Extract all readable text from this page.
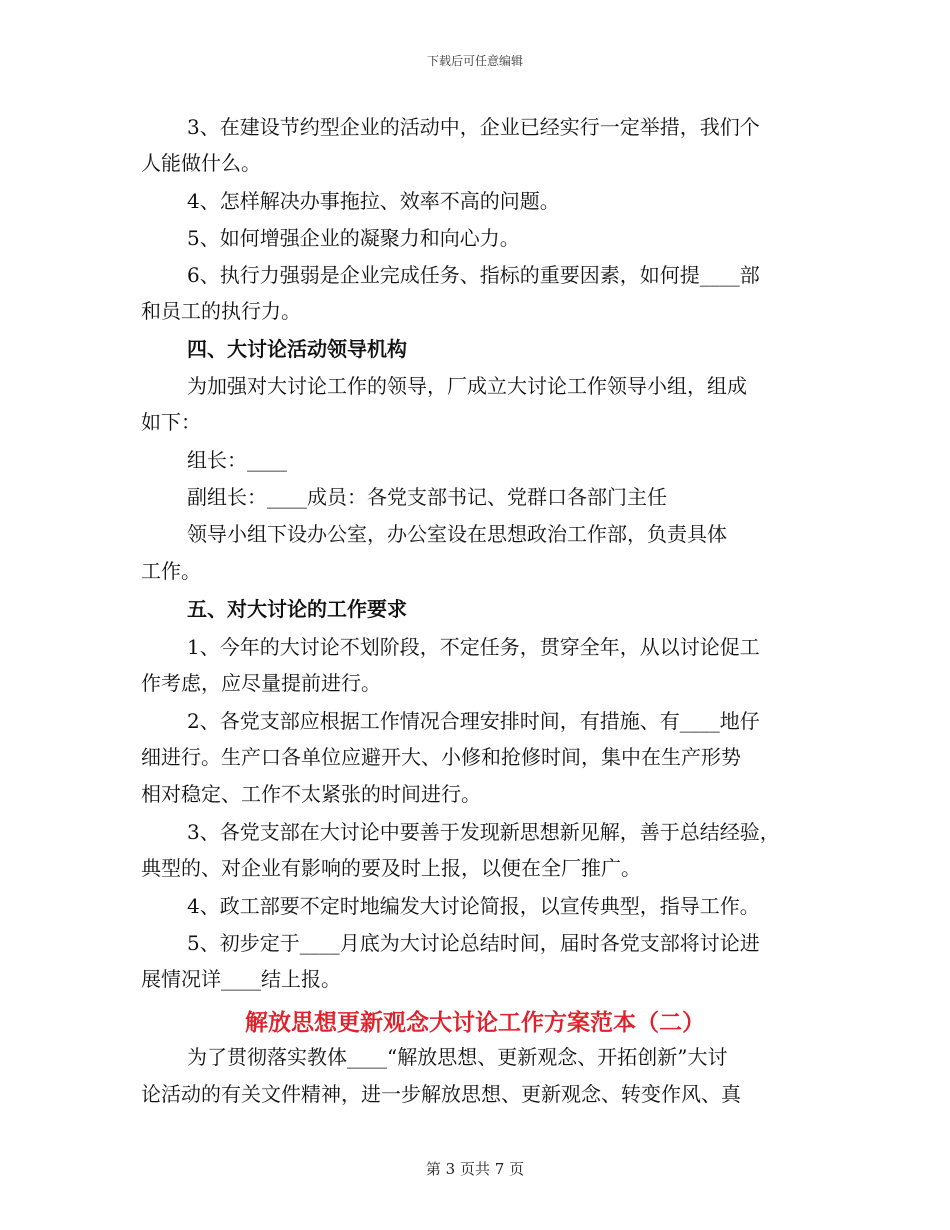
下载后可任意编辑
3、在建设节约型企业的活动中，企业已经实行一定举措，我们个
人能做什么。
4、怎样解决办事拖拉、效率不高的问题。
5、如何增强企业的凝聚力和向心力。
6、执行力强弱是企业完成任务、指标的重要因素，如何提____部
和员工的执行力。
四、大讨论活动领导机构
为加强对大讨论工作的领导，厂成立大讨论工作领导小组，组成
如下：
组长：____
副组长：____成员：各党支部书记、党群口各部门主任
领导小组下设办公室，办公室设在思想政治工作部，负责具体
工作。
五、对大讨论的工作要求
1、今年的大讨论不划阶段，不定任务，贯穿全年，从以讨论促工
作考虑，应尽量提前进行。
2、各党支部应根据工作情况合理安排时间，有措施、有____地仔
细进行。生产口各单位应避开大、小修和抢修时间，集中在生产形势
相对稳定、工作不太紧张的时间进行。
3、各党支部在大讨论中要善于发现新思想新见解，善于总结经验，
典型的、对企业有影响的要及时上报，以便在全厂推广。
4、政工部要不定时地编发大讨论简报，以宣传典型，指导工作。
5、初步定于____月底为大讨论总结时间，届时各党支部将讨论进
展情况详____结上报。
解放思想更新观念大讨论工作方案范本（二）
为了贯彻落实教体____“解放思想、更新观念、开拓创新”大讨
论活动的有关文件精神，进一步解放思想、更新观念、转变作风、真
第 3 页共 7 页
